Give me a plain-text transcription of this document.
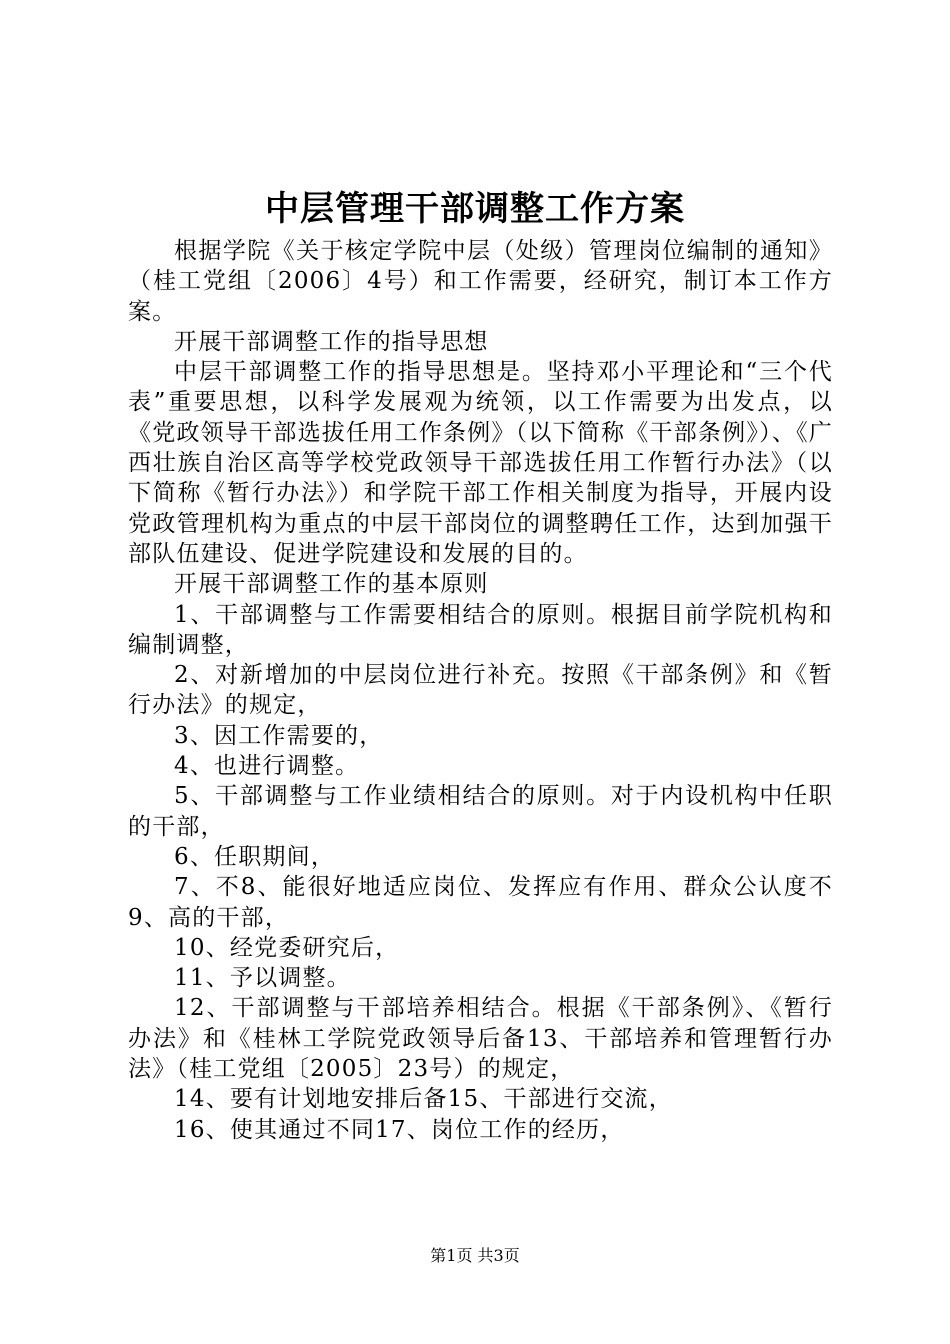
中层管理干部调整工作方案

根据学院《关于核定学院中层（处级）管理岗位编制的通知》（桂工党组〔2006〕4号）和工作需要，经研究，制订本工作方案。

开展干部调整工作的指导思想

中层干部调整工作的指导思想是。坚持邓小平理论和“三个代表”重要思想，以科学发展观为统领，以工作需要为出发点，以《党政领导干部选拔任用工作条例》（以下简称《干部条例》）、《广西壮族自治区高等学校党政领导干部选拔任用工作暂行办法》（以下简称《暂行办法》）和学院干部工作相关制度为指导，开展内设党政管理机构为重点的中层干部岗位的调整聘任工作，达到加强干部队伍建设、促进学院建设和发展的目的。

开展干部调整工作的基本原则

1、干部调整与工作需要相结合的原则。根据目前学院机构和编制调整，

2、对新增加的中层岗位进行补充。按照《干部条例》和《暂行办法》的规定，

3、因工作需要的，

4、也进行调整。

5、干部调整与工作业绩相结合的原则。对于内设机构中任职的干部，

6、任职期间，

7、不8、能很好地适应岗位、发挥应有作用、群众公认度不9、高的干部，

10、经党委研究后，

11、予以调整。

12、干部调整与干部培养相结合。根据《干部条例》、《暂行办法》和《桂林工学院党政领导后备13、干部培养和管理暂行办法》（桂工党组〔2005〕23号）的规定，

14、要有计划地安排后备15、干部进行交流，

16、使其通过不同17、岗位工作的经历，

第1页 共3页
